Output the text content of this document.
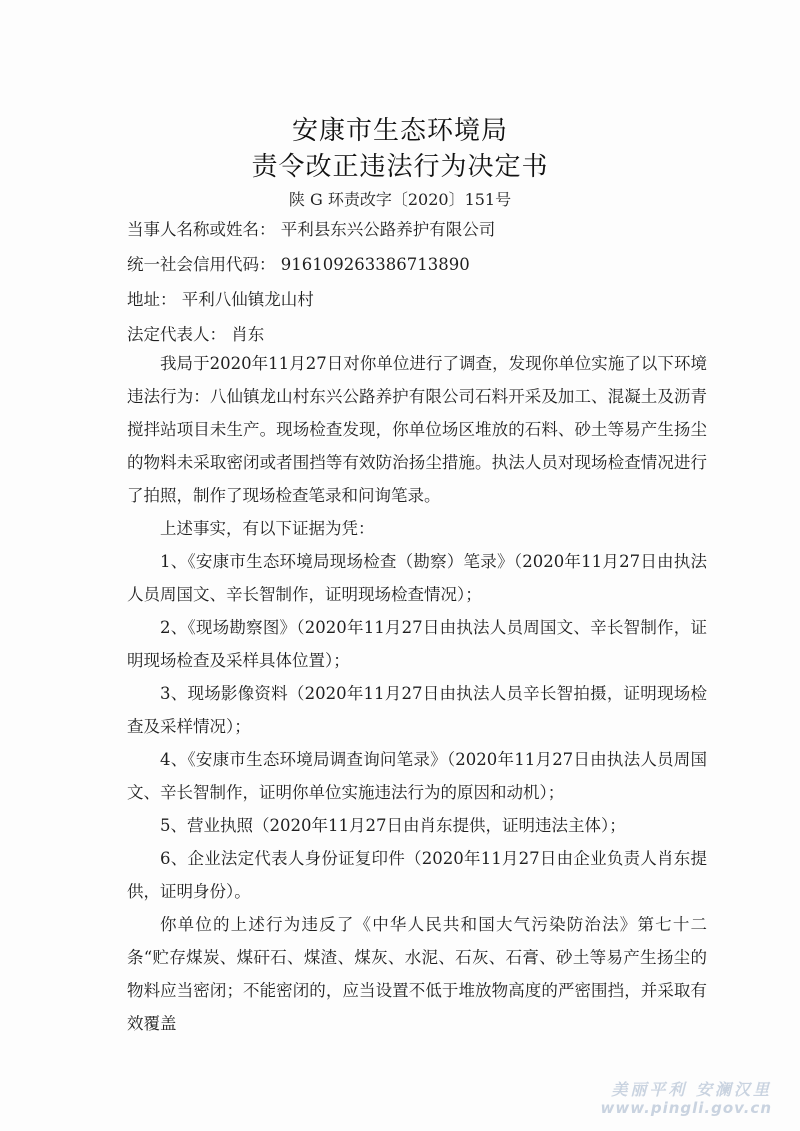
安康市生态环境局
责令改正违法行为决定书
陕 G 环责改字〔2020〕151号
当事人名称或姓名： 平利县东兴公路养护有限公司
统一社会信用代码： 916109263386713890
地址： 平利八仙镇龙山村
法定代表人： 肖东

我局于2020年11月27日对你单位进行了调查，发现你单位实施了以下环境违法行为：八仙镇龙山村东兴公路养护有限公司石料开采及加工、混凝土及沥青搅拌站项目未生产。现场检查发现，你单位场区堆放的石料、砂土等易产生扬尘的物料未采取密闭或者围挡等有效防治扬尘措施。执法人员对现场检查情况进行了拍照，制作了现场检查笔录和问询笔录。

上述事实，有以下证据为凭：

1、《安康市生态环境局现场检查（勘察）笔录》（2020年11月27日由执法人员周国文、辛长智制作，证明现场检查情况）；

2、《现场勘察图》（2020年11月27日由执法人员周国文、辛长智制作，证明现场检查及采样具体位置）；

3、现场影像资料（2020年11月27日由执法人员辛长智拍摄，证明现场检查及采样情况）；

4、《安康市生态环境局调查询问笔录》（2020年11月27日由执法人员周国文、辛长智制作，证明你单位实施违法行为的原因和动机）；

5、营业执照（2020年11月27日由肖东提供，证明违法主体）；

6、企业法定代表人身份证复印件（2020年11月27日由企业负责人肖东提供，证明身份）。

你单位的上述行为违反了《中华人民共和国大气污染防治法》第七十二条“贮存煤炭、煤矸石、煤渣、煤灰、水泥、石灰、石膏、砂土等易产生扬尘的物料应当密闭；不能密闭的，应当设置不低于堆放物高度的严密围挡，并采取有效覆盖

美丽平利 安澜汉里
www.pingli.gov.cn
